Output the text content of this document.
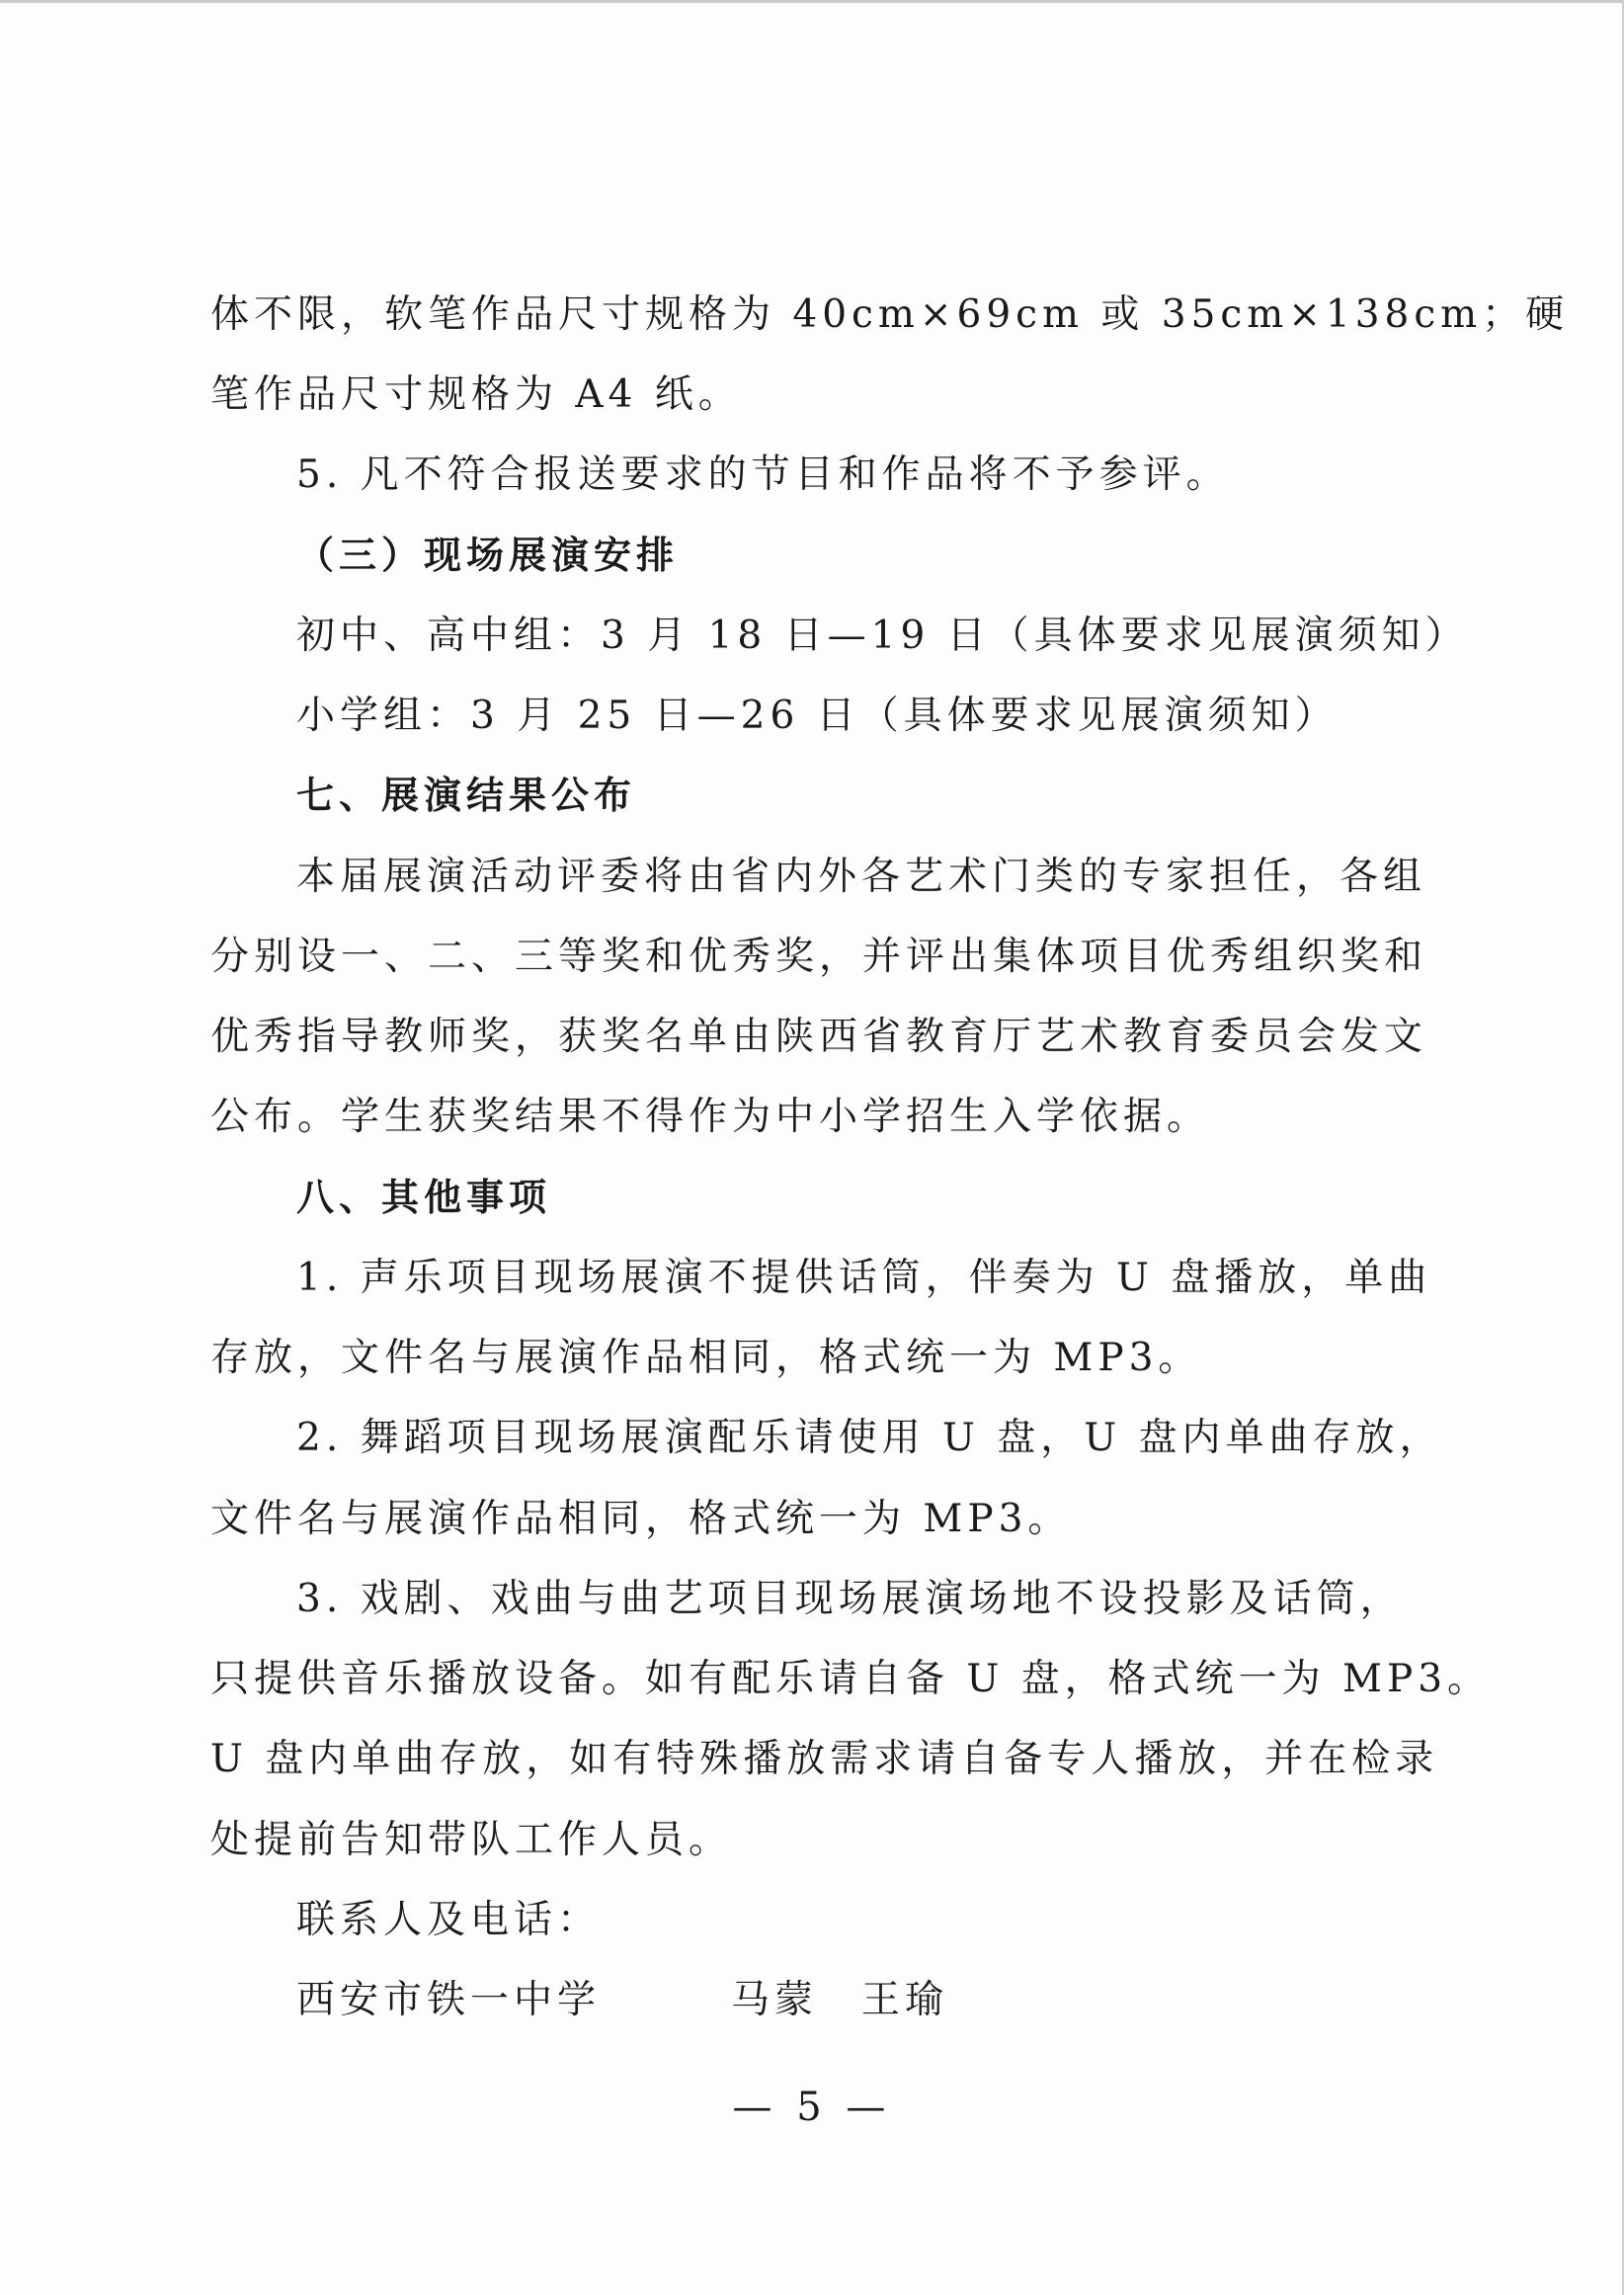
体不限，软笔作品尺寸规格为 40cm×69cm 或 35cm×138cm；硬
笔作品尺寸规格为 A4 纸。
5. 凡不符合报送要求的节目和作品将不予参评。
（三）现场展演安排
初中、高中组：3 月 18 日—19 日（具体要求见展演须知）
小学组：3 月 25 日—26 日（具体要求见展演须知）
七、展演结果公布
本届展演活动评委将由省内外各艺术门类的专家担任，各组
分别设一、二、三等奖和优秀奖，并评出集体项目优秀组织奖和
优秀指导教师奖，获奖名单由陕西省教育厅艺术教育委员会发文
公布。学生获奖结果不得作为中小学招生入学依据。
八、其他事项
1. 声乐项目现场展演不提供话筒，伴奏为 U 盘播放，单曲
存放，文件名与展演作品相同，格式统一为 MP3。
2. 舞蹈项目现场展演配乐请使用 U 盘，U 盘内单曲存放，
文件名与展演作品相同，格式统一为 MP3。
3. 戏剧、戏曲与曲艺项目现场展演场地不设投影及话筒，
只提供音乐播放设备。如有配乐请自备 U 盘，格式统一为 MP3。
U 盘内单曲存放，如有特殊播放需求请自备专人播放，并在检录
处提前告知带队工作人员。
联系人及电话：
西安市铁一中学　　　马蒙　王瑜
— 5 —
